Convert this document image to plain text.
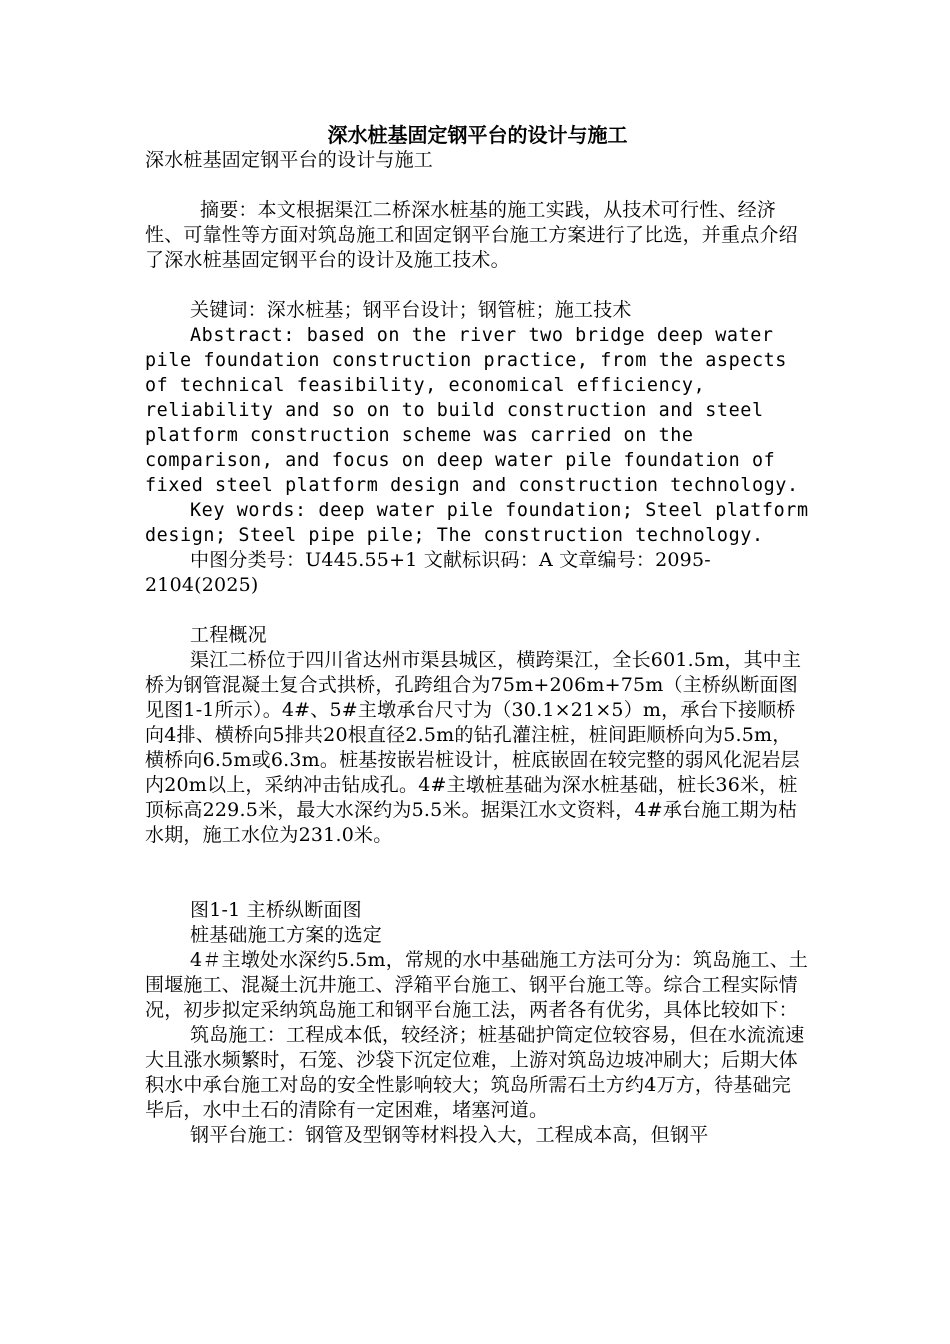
深水桩基固定钢平台的设计与施工

深水桩基固定钢平台的设计与施工

摘要：本文根据渠江二桥深水桩基的施工实践，从技术可行性、经济性、可靠性等方面对筑岛施工和固定钢平台施工方案进行了比选，并重点介绍了深水桩基固定钢平台的设计及施工技术。

关键词：深水桩基；钢平台设计；钢管桩；施工技术

Abstract: based on the river two bridge deep water pile foundation construction practice, from the aspects of technical feasibility, economical efficiency, reliability and so on to build construction and steel platform construction scheme was carried on the comparison, and focus on deep water pile foundation of fixed steel platform design and construction technology.

Key words: deep water pile foundation; Steel platform design; Steel pipe pile; The construction technology.

中图分类号：U445.55+1 文献标识码：A 文章编号：2095-2104(2025)

工程概况

渠江二桥位于四川省达州市渠县城区，横跨渠江，全长601.5m，其中主桥为钢管混凝土复合式拱桥，孔跨组合为75m+206m+75m（主桥纵断面图见图1-1所示）。4#、5#主墩承台尺寸为（30.1×21×5）m，承台下接顺桥向4排、横桥向5排共20根直径2.5m的钻孔灌注桩，桩间距顺桥向为5.5m，横桥向6.5m或6.3m。桩基按嵌岩桩设计，桩底嵌固在较完整的弱风化泥岩层内20m以上，采纳冲击钻成孔。4#主墩桩基础为深水桩基础，桩长36米，桩顶标高229.5米，最大水深约为5.5米。据渠江水文资料，4#承台施工期为枯水期，施工水位为231.0米。

图1-1 主桥纵断面图

桩基础施工方案的选定

4＃主墩处水深约5.5m，常规的水中基础施工方法可分为：筑岛施工、土围堰施工、混凝土沉井施工、浮箱平台施工、钢平台施工等。综合工程实际情况，初步拟定采纳筑岛施工和钢平台施工法，两者各有优劣，具体比较如下：

筑岛施工：工程成本低，较经济；桩基础护筒定位较容易，但在水流流速大且涨水频繁时，石笼、沙袋下沉定位难，上游对筑岛边坡冲刷大；后期大体积水中承台施工对岛的安全性影响较大；筑岛所需石土方约4万方，待基础完毕后，水中土石的清除有一定困难，堵塞河道。

钢平台施工：钢管及型钢等材料投入大，工程成本高，但钢平
